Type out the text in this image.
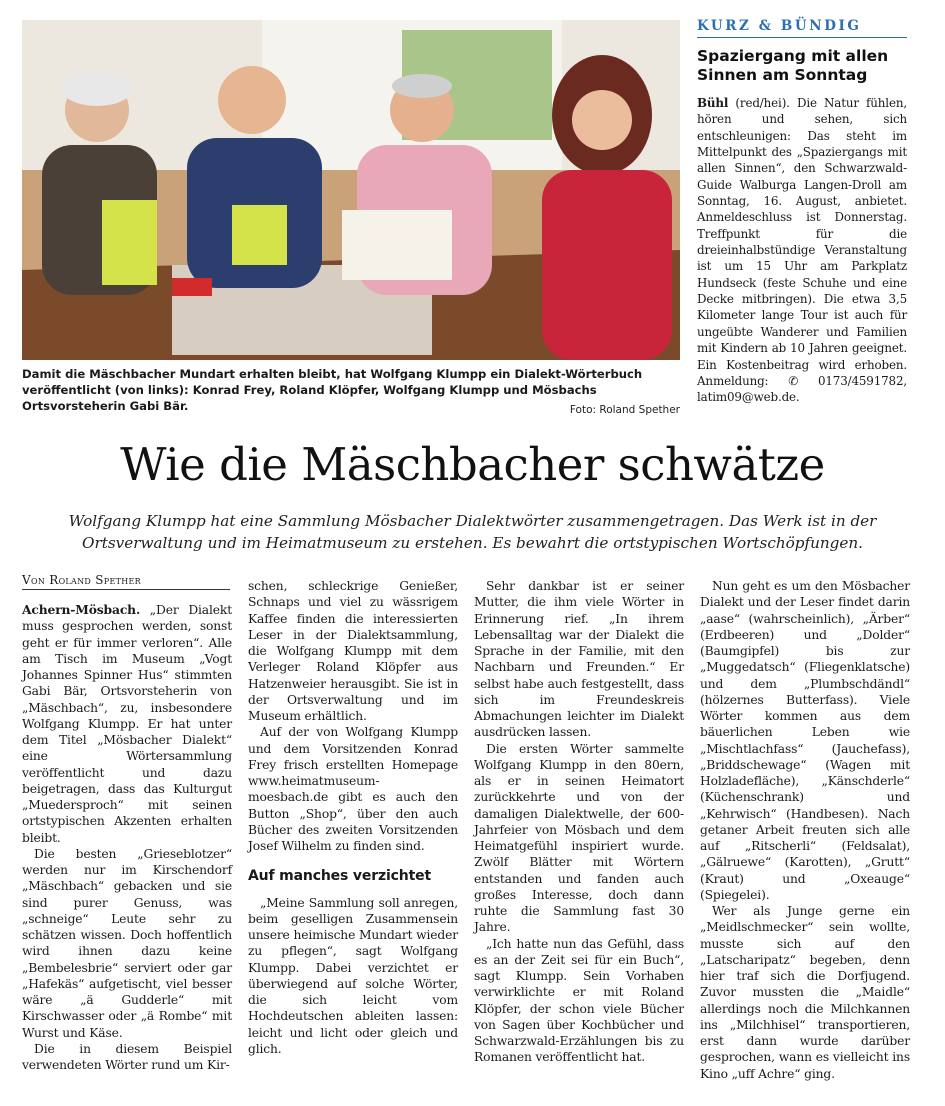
Damit die Mäschbacher Mundart erhalten bleibt, hat Wolfgang Klumpp ein Dialekt-Wörterbuch veröffentlicht (von links): Konrad Frey, Roland Klöpfer, Wolfgang Klumpp und Mösbachs Ortsvorsteherin Gabi Bär.	Foto: Roland Spether
KURZ & BÜNDIG
Spaziergang mit allen Sinnen am Sonntag
Bühl (red/hei). Die Natur fühlen, hören und sehen, sich entschleunigen: Das steht im Mittelpunkt des „Spaziergangs mit allen Sinnen“, den Schwarzwald-Guide Walburga Langen-Droll am Sonntag, 16. August, anbietet. Anmeldeschluss ist Donnerstag. Treffpunkt für die dreieinhalbstündige Veranstaltung ist um 15 Uhr am Parkplatz Hundseck (feste Schuhe und eine Decke mitbringen). Die etwa 3,5 Kilometer lange Tour ist auch für ungeübte Wanderer und Familien mit Kindern ab 10 Jahren geeignet. Ein Kostenbeitrag wird erhoben. Anmeldung: ✆ 0173/4591782, latim09@web.de.
Wie die Mäschbacher schwätze
Wolfgang Klumpp hat eine Sammlung Mösbacher Dialektwörter zusammengetragen. Das Werk ist in der Ortsverwaltung und im Heimatmuseum zu erstehen. Es bewahrt die ortstypischen Wortschöpfungen.
Von Roland Spether

Achern-Mösbach. „Der Dialekt muss gesprochen werden, sonst geht er für immer verloren“. Alle am Tisch im Museum „Vogt Johannes Spinner Hus“ stimmten Gabi Bär, Ortsvorsteherin von „Mäschbach“, zu, insbesondere Wolfgang Klumpp. Er hat unter dem Titel „Mösbacher Dialekt“ eine Wörtersammlung veröffentlicht und dazu beigetragen, dass das Kulturgut „Muedersproch“ mit seinen ortstypischen Akzenten erhalten bleibt.

Die besten „Grieseblotzer“ werden nur im Kirschendorf „Mäschbach“ gebacken und sie sind purer Genuss, was „schneige“ Leute sehr zu schätzen wissen. Doch hoffentlich wird ihnen dazu keine „Bembelesbrie“ serviert oder gar „Hafekäs“ aufgetischt, viel besser wäre „ä Gudderle“ mit Kirschwasser oder „ä Rombe“ mit Wurst und Käse.

Die in diesem Beispiel verwendeten Wörter rund um Kir-

schen, schleckrige Genießer, Schnaps und viel zu wässrigem Kaffee finden die interessierten Leser in der Dialektsammlung, die Wolfgang Klumpp mit dem Verleger Roland Klöpfer aus Hatzenweier herausgibt. Sie ist in der Ortsverwaltung und im Museum erhältlich.

Auf der von Wolfgang Klumpp und dem Vorsitzenden Konrad Frey frisch erstellten Homepage www.heimatmuseum-moesbach.de gibt es auch den Button „Shop“, über den auch Bücher des zweiten Vorsitzenden Josef Wilhelm zu finden sind.

Auf manches verzichtet

„Meine Sammlung soll anregen, beim geselligen Zusammensein unsere heimische Mundart wieder zu pflegen“, sagt Wolfgang Klumpp. Dabei verzichtet er überwiegend auf solche Wörter, die sich leicht vom Hochdeutschen ableiten lassen: leicht und licht oder gleich und glich.

Sehr dankbar ist er seiner Mutter, die ihm viele Wörter in Erinnerung rief. „In ihrem Lebensalltag war der Dialekt die Sprache in der Familie, mit den Nachbarn und Freunden.“ Er selbst habe auch festgestellt, dass sich im Freundeskreis Abmachungen leichter im Dialekt ausdrücken lassen.

Die ersten Wörter sammelte Wolfgang Klumpp in den 80ern, als er in seinen Heimatort zurückkehrte und von der damaligen Dialektwelle, der 600-Jahrfeier von Mösbach und dem Heimatgefühl inspiriert wurde. Zwölf Blätter mit Wörtern entstanden und fanden auch großes Interesse, doch dann ruhte die Sammlung fast 30 Jahre.

„Ich hatte nun das Gefühl, dass es an der Zeit sei für ein Buch“, sagt Klumpp. Sein Vorhaben verwirklichte er mit Roland Klöpfer, der schon viele Bücher von Sagen über Kochbücher und Schwarzwald-Erzählungen bis zu Romanen veröffentlicht hat.

Nun geht es um den Mösbacher Dialekt und der Leser findet darin „aase“ (wahrscheinlich), „Ärber“ (Erdbeeren) und „Dolder“ (Baumgipfel) bis zur „Muggedatsch“ (Fliegenklatsche) und dem „Plumbschdändl“ (hölzernes Butterfass). Viele Wörter kommen aus dem bäuerlichen Leben wie „Mischtlachfass“ (Jauchefass), „Briddschewage“ (Wagen mit Holzladefläche), „Känschderle“ (Küchenschrank) und „Kehrwisch“ (Handbesen). Nach getaner Arbeit freuten sich alle auf „Ritscherli“ (Feldsalat), „Gälruewe“ (Karotten), „Grutt“ (Kraut) und „Oxeauge“ (Spiegelei).

Wer als Junge gerne ein „Meidlschmecker“ sein wollte, musste sich auf den „Latscharipatz“ begeben, denn hier traf sich die Dorfjugend. Zuvor mussten die „Maidle“ allerdings noch die Milchkannen ins „Milchhisel“ transportieren, erst dann wurde darüber gesprochen, wann es vielleicht ins Kino „uff Achre“ ging.
